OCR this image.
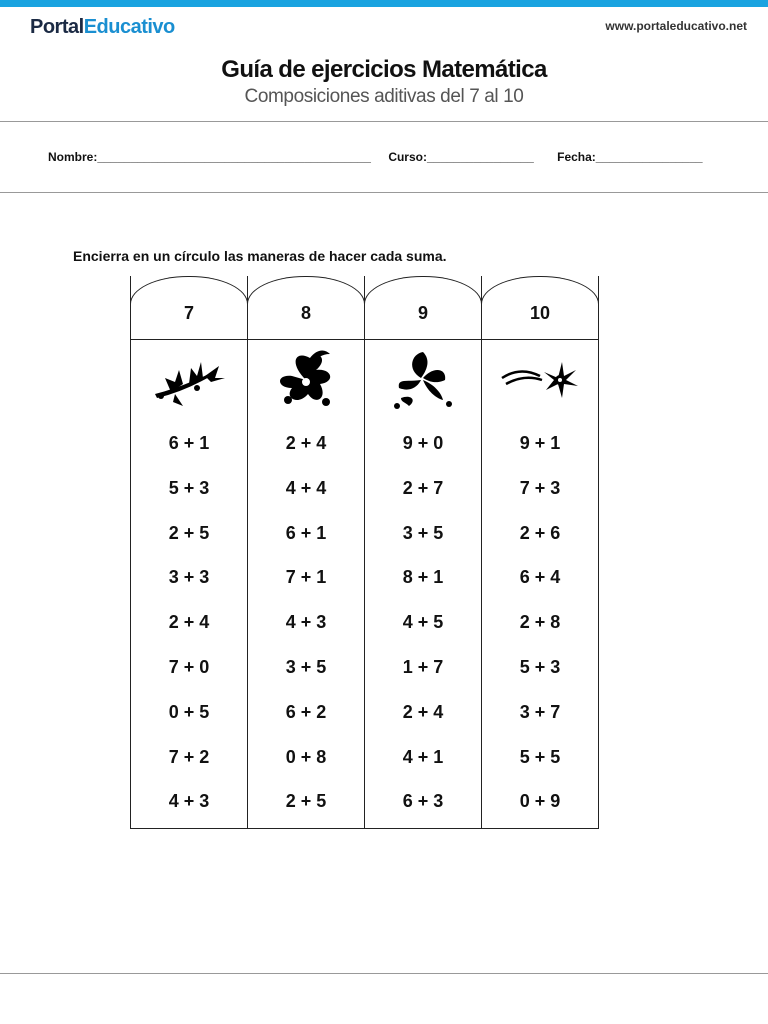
PortalEducativo	www.portaleducativo.net
Guía de ejercicios Matemática
Composiciones aditivas del 7 al 10
Nombre:_________________________________________ Curso:________________ Fecha:________________
Encierra en un círculo las maneras de hacer cada suma.
7
6 + 1
5 + 3
2 + 5
3 + 3
2 + 4
7 + 0
0 + 5
7 + 2
4 + 3
8
2 + 4
4 + 4
6 + 1
7 + 1
4 + 3
3 + 5
6 + 2
0 + 8
2 + 5
9
9 + 0
2 + 7
3 + 5
8 + 1
4 + 5
1 + 7
2 + 4
4 + 1
6 + 3
10
9 + 1
7 + 3
2 + 6
6 + 4
2 + 8
5 + 3
3 + 7
5 + 5
0 + 9
